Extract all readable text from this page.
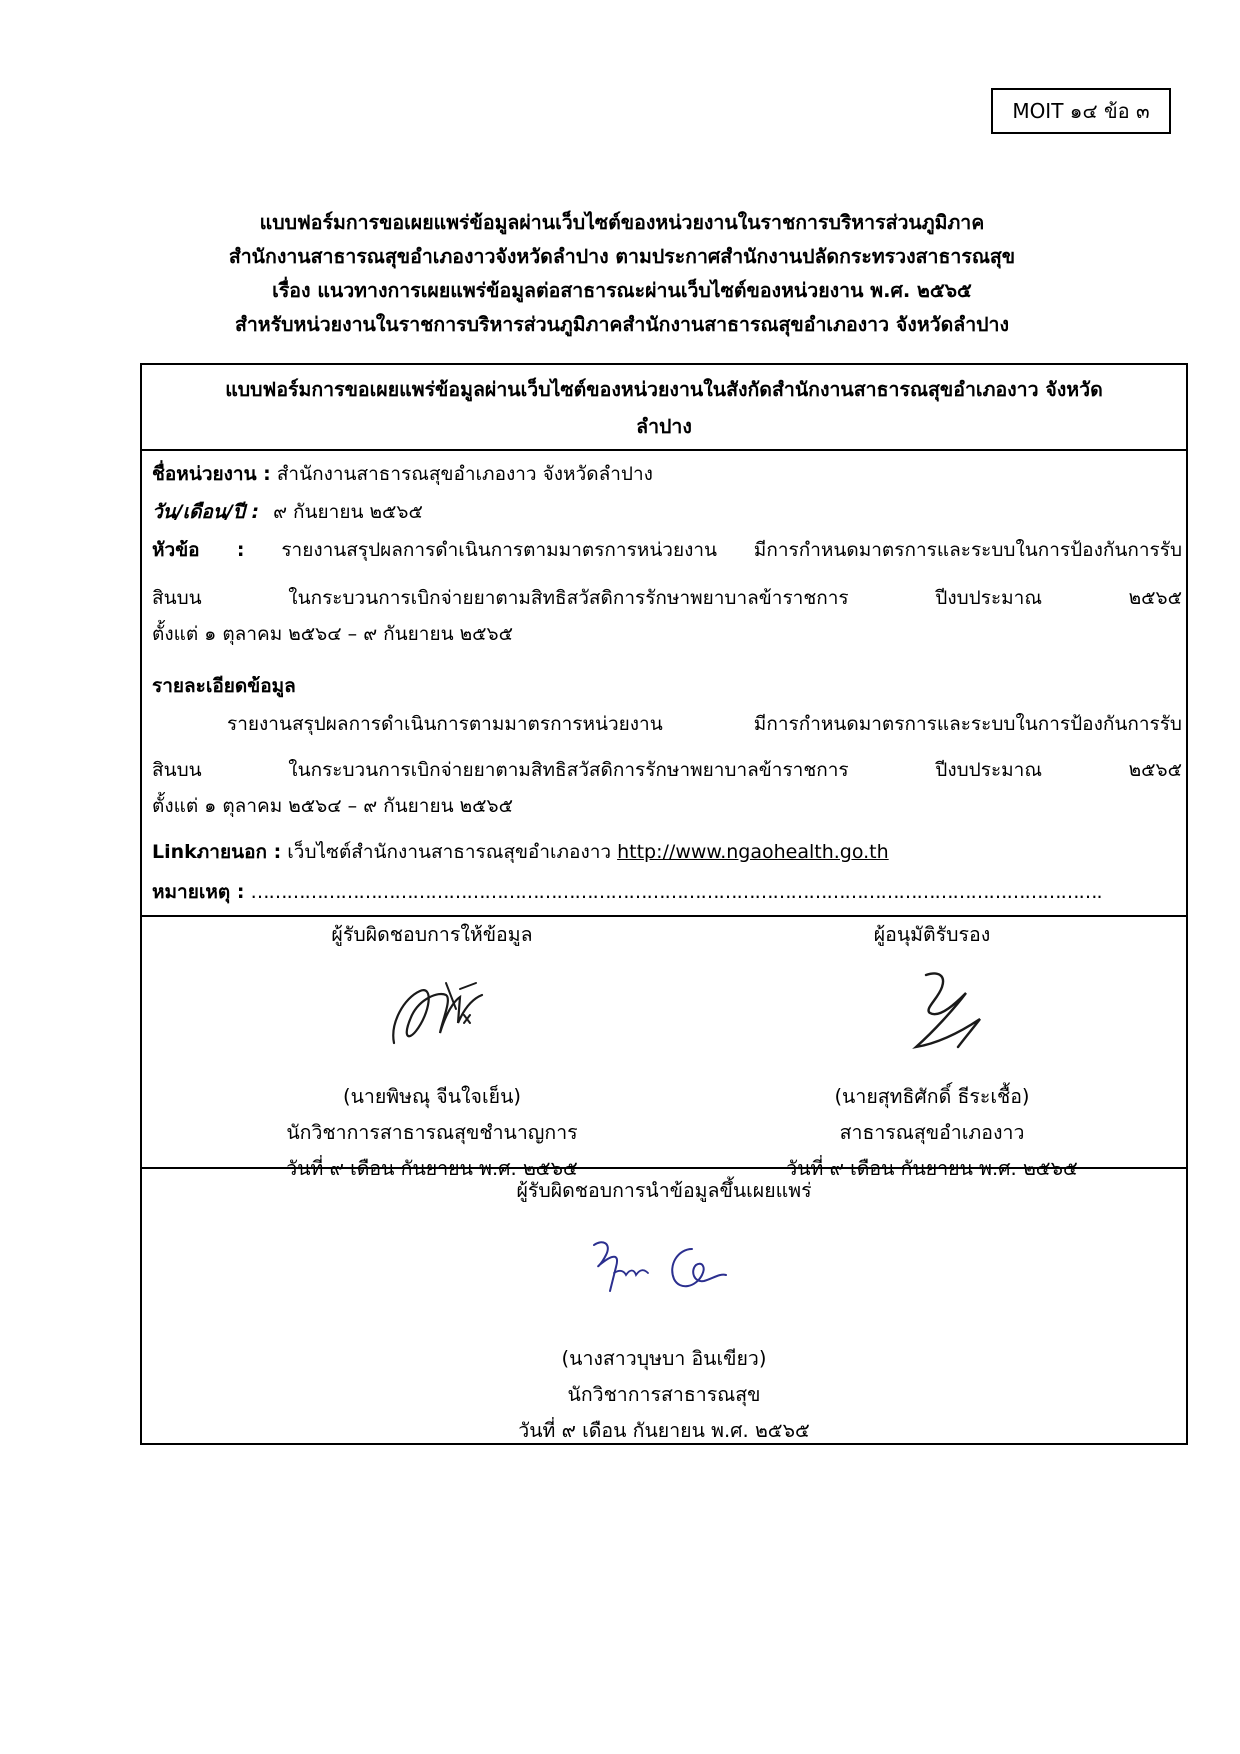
MOIT ๑๔ ข้อ ๓
แบบฟอร์มการขอเผยแพร่ข้อมูลผ่านเว็บไซต์ของหน่วยงานในราชการบริหารส่วนภูมิภาค
สำนักงานสาธารณสุขอำเภองาวจังหวัดลำปาง ตามประกาศสำนักงานปลัดกระทรวงสาธารณสุข
เรื่อง แนวทางการเผยแพร่ข้อมูลต่อสาธารณะผ่านเว็บไซต์ของหน่วยงาน พ.ศ. ๒๕๖๕
สำหรับหน่วยงานในราชการบริหารส่วนภูมิภาคสำนักงานสาธารณสุขอำเภองาว จังหวัดลำปาง
แบบฟอร์มการขอเผยแพร่ข้อมูลผ่านเว็บไซต์ของหน่วยงานในสังกัดสำนักงานสาธารณสุขอำเภองาว จังหวัด
ลำปาง
ชื่อหน่วยงาน : สำนักงานสาธารณสุขอำเภองาว จังหวัดลำปาง
วัน/เดือน/ปี : ๙ กันยายน ๒๕๖๕
หัวข้อ : รายงานสรุปผลการดำเนินการตามมาตรการหน่วยงาน มีการกำหนดมาตรการและระบบในการป้องกันการรับ
สินบน ในกระบวนการเบิกจ่ายยาตามสิทธิสวัสดิการรักษาพยาบาลข้าราชการ ปีงบประมาณ ๒๕๖๕
ตั้งแต่ ๑ ตุลาคม ๒๕๖๔ – ๙ กันยายน ๒๕๖๕
รายละเอียดข้อมูล
รายงานสรุปผลการดำเนินการตามมาตรการหน่วยงาน มีการกำหนดมาตรการและระบบในการป้องกันการรับ
สินบน ในกระบวนการเบิกจ่ายยาตามสิทธิสวัสดิการรักษาพยาบาลข้าราชการ ปีงบประมาณ ๒๕๖๕
ตั้งแต่ ๑ ตุลาคม ๒๕๖๔ – ๙ กันยายน ๒๕๖๕
Linkภายนอก : เว็บไซต์สำนักงานสาธารณสุขอำเภองาว http://www.ngaohealth.go.th
หมายเหตุ : …………………………………………………………………………………………………………………………….
ผู้รับผิดชอบการให้ข้อมูล
(นายพิษณุ จีนใจเย็น)
นักวิชาการสาธารณสุขชำนาญการ
วันที่ ๙ เดือน กันยายน พ.ศ. ๒๕๖๕
ผู้อนุมัติรับรอง
(นายสุทธิศักดิ์ ธีระเชื้อ)
สาธารณสุขอำเภองาว
วันที่ ๙ เดือน กันยายน พ.ศ. ๒๕๖๕
ผู้รับผิดชอบการนำข้อมูลขึ้นเผยแพร่
(นางสาวบุษบา อินเขียว)
นักวิชาการสาธารณสุข
วันที่ ๙ เดือน กันยายน พ.ศ. ๒๕๖๕
